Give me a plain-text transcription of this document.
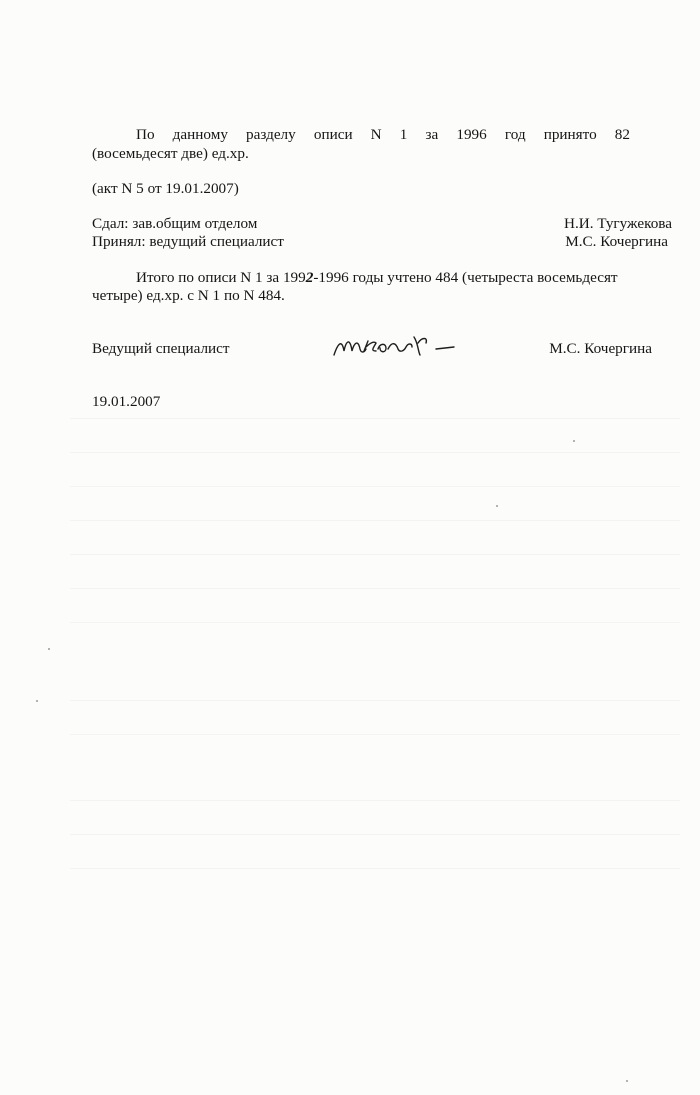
По данному разделу описи N 1 за 1996 год принято 82
(восемьдесят две) ед.хр.
(акт N 5 от 19.01.2007)
Сдал: зав.общим отделом	Н.И. Тугужекова
Принял: ведущий специалист	М.С. Кочергина
Итого по описи N 1 за 1992-1996 годы учтено 484 (четыреста восемьдесят
четыре) ед.хр. с N 1 по N 484.
Ведущий специалист	М.С. Кочергина
19.01.2007
